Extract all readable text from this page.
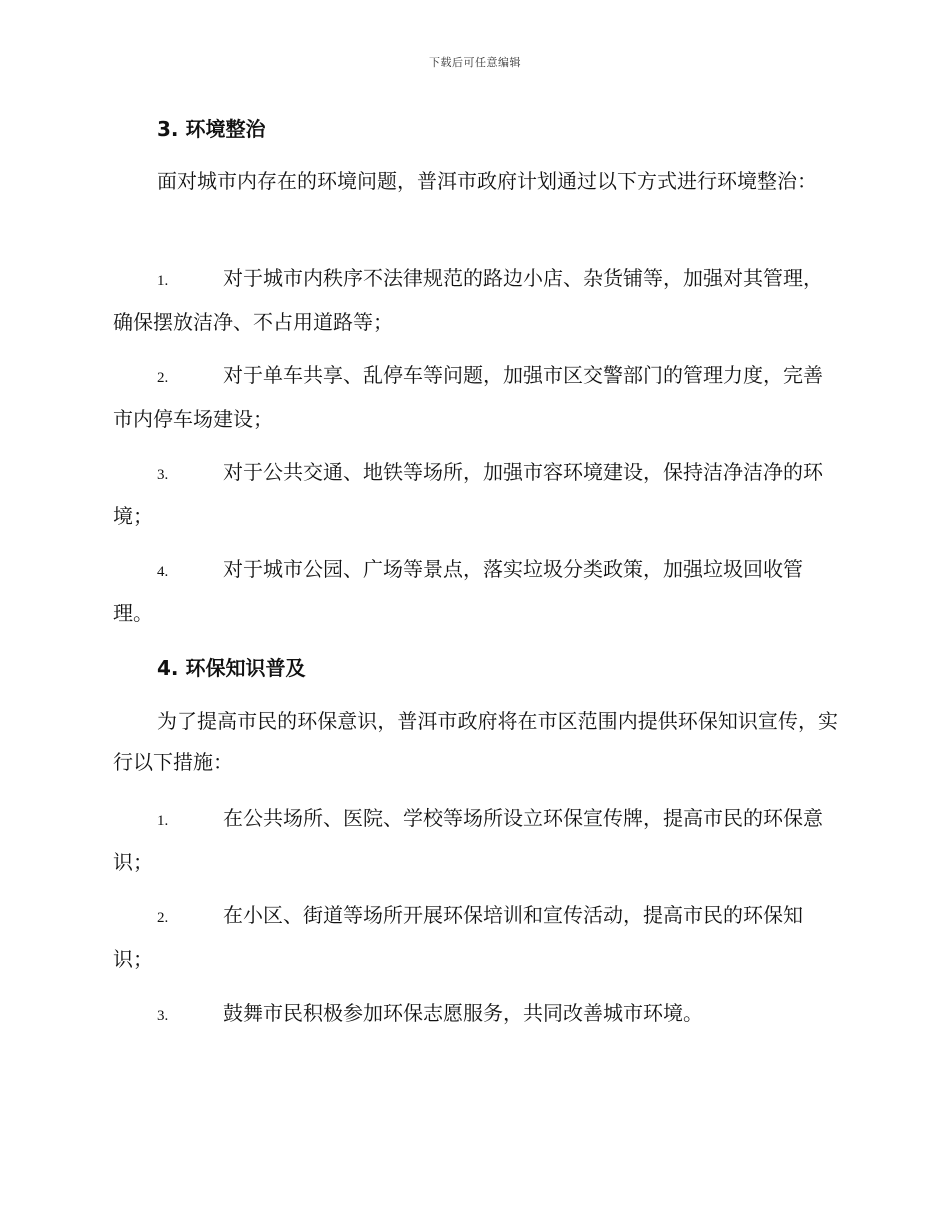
下载后可任意编辑
3. 环境整治
面对城市内存在的环境问题，普洱市政府计划通过以下方式进行环境整治：
1.	对于城市内秩序不法律规范的路边小店、杂货铺等，加强对其管理，确保摆放洁净、不占用道路等；
2.	对于单车共享、乱停车等问题，加强市区交警部门的管理力度，完善市内停车场建设；
3.	对于公共交通、地铁等场所，加强市容环境建设，保持洁净洁净的环境；
4.	对于城市公园、广场等景点，落实垃圾分类政策，加强垃圾回收管理。
4. 环保知识普及
为了提高市民的环保意识，普洱市政府将在市区范围内提供环保知识宣传，实行以下措施：
1.	在公共场所、医院、学校等场所设立环保宣传牌，提高市民的环保意识；
2.	在小区、街道等场所开展环保培训和宣传活动，提高市民的环保知识；
3.	鼓舞市民积极参加环保志愿服务，共同改善城市环境。
